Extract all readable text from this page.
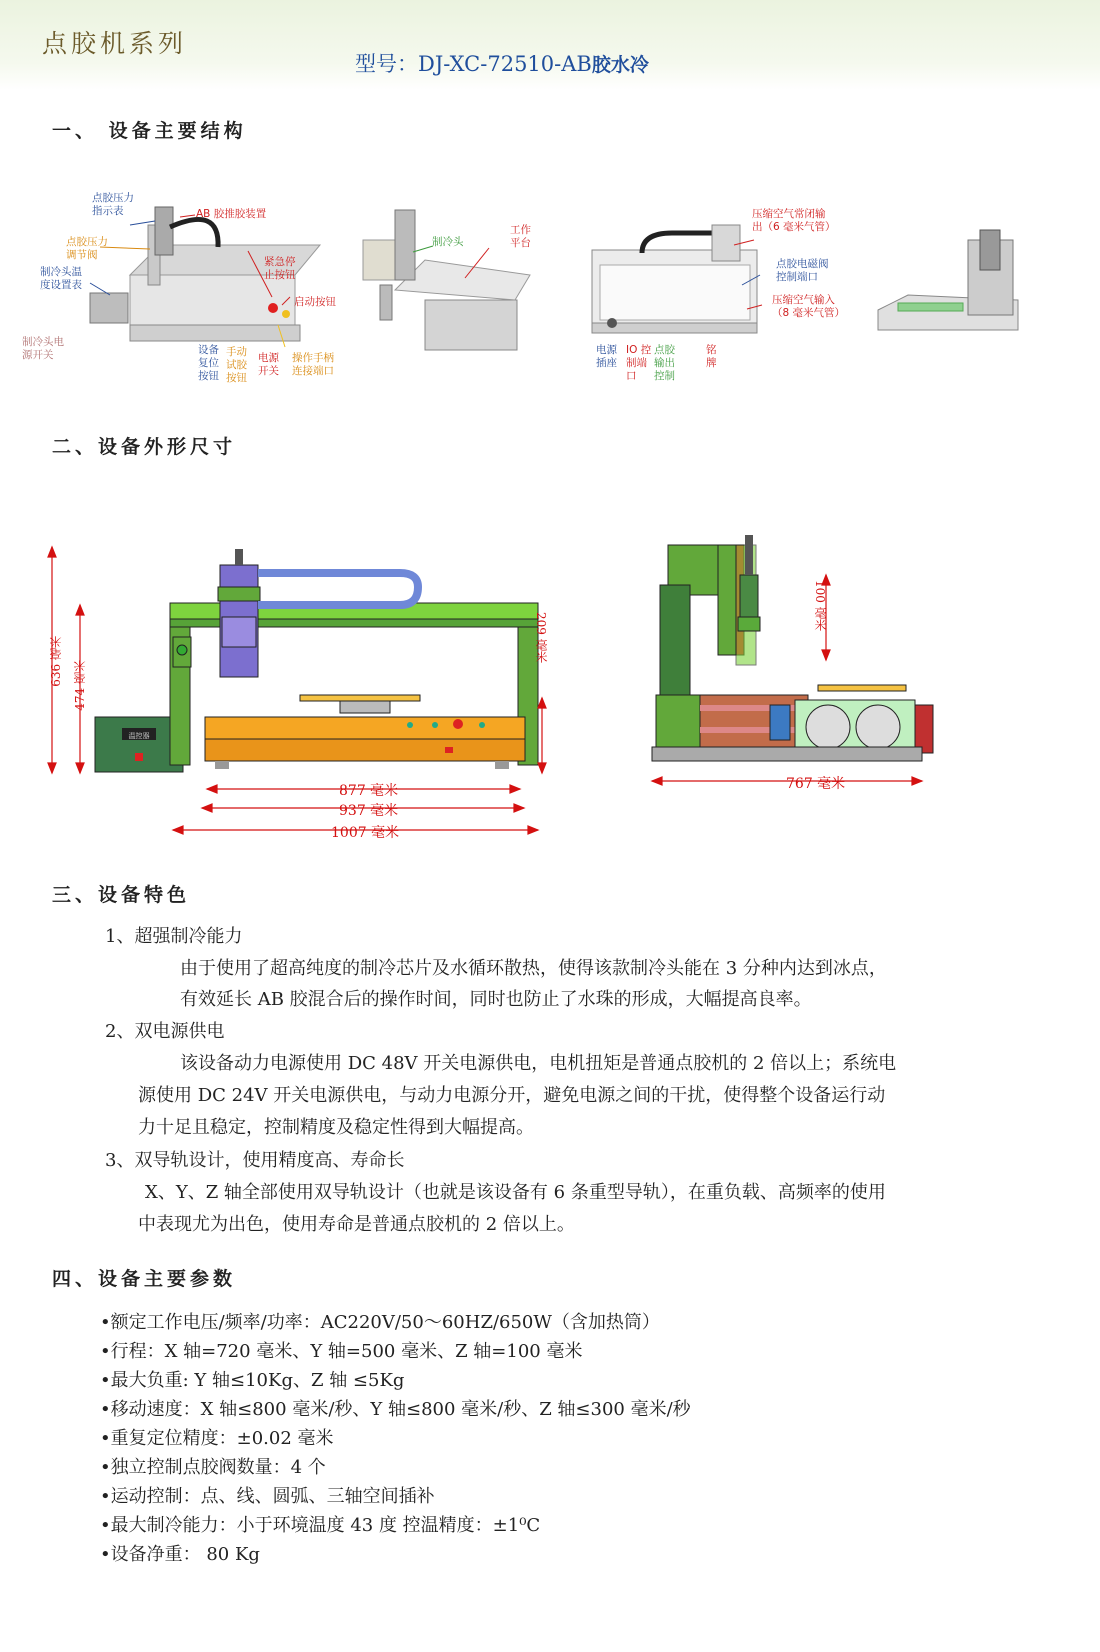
点胶机系列
型号：DJ-XC-72510-AB胶水冷
一、 设备主要结构
点胶压力
指示表	AB 胶推胶装置
点胶压力
调节阀
制冷头温
度设置表
制冷头电
源开关
紧急停
止按钮
启动按钮
设备
复位
按钮
手动
试胶
按钮
电源
开关
操作手柄
连接端口
制冷头
工作
平台
压缩空气常闭输
出（6 毫米气管）
点胶电磁阀
控制端口
压缩空气输入
（8 毫米气管）
电源
插座
IO 控
制端
口
点胶
输出
控制
铭
牌
二、设备外形尺寸
温控器
636 毫米 474 毫米
209 毫米
877 毫米
937 毫米
1007 毫米
100 毫米
767 毫米
三、设备特色
1、超强制冷能力
由于使用了超高纯度的制冷芯片及水循环散热，使得该款制冷头能在 3 分种内达到冰点，
有效延长 AB 胶混合后的操作时间，同时也防止了水珠的形成，大幅提高良率。
2、双电源供电
该设备动力电源使用 DC 48V 开关电源供电，电机扭矩是普通点胶机的 2 倍以上；系统电
源使用 DC 24V 开关电源供电，与动力电源分开，避免电源之间的干扰，使得整个设备运行动
力十足且稳定，控制精度及稳定性得到大幅提高。
3、双导轨设计，使用精度高、寿命长
X、Y、Z 轴全部使用双导轨设计（也就是该设备有 6 条重型导轨），在重负载、高频率的使用
中表现尤为出色，使用寿命是普通点胶机的 2 倍以上。
四、设备主要参数
•额定工作电压/频率/功率：AC220V/50～60HZ/650W（含加热筒）
•行程：X 轴=720 毫米、Y 轴=500 毫米、Z 轴=100 毫米
•最大负重: Y 轴≤10Kg、Z 轴 ≤5Kg
•移动速度：X 轴≤800 毫米/秒、Y 轴≤800 毫米/秒、Z 轴≤300 毫米/秒
•重复定位精度：±0.02 毫米
•独立控制点胶阀数量：4 个
•运动控制：点、线、圆弧、三轴空间插补
•最大制冷能力：小于环境温度 43 度 控温精度：±1⁰C
•设备净重： 80 Kg
